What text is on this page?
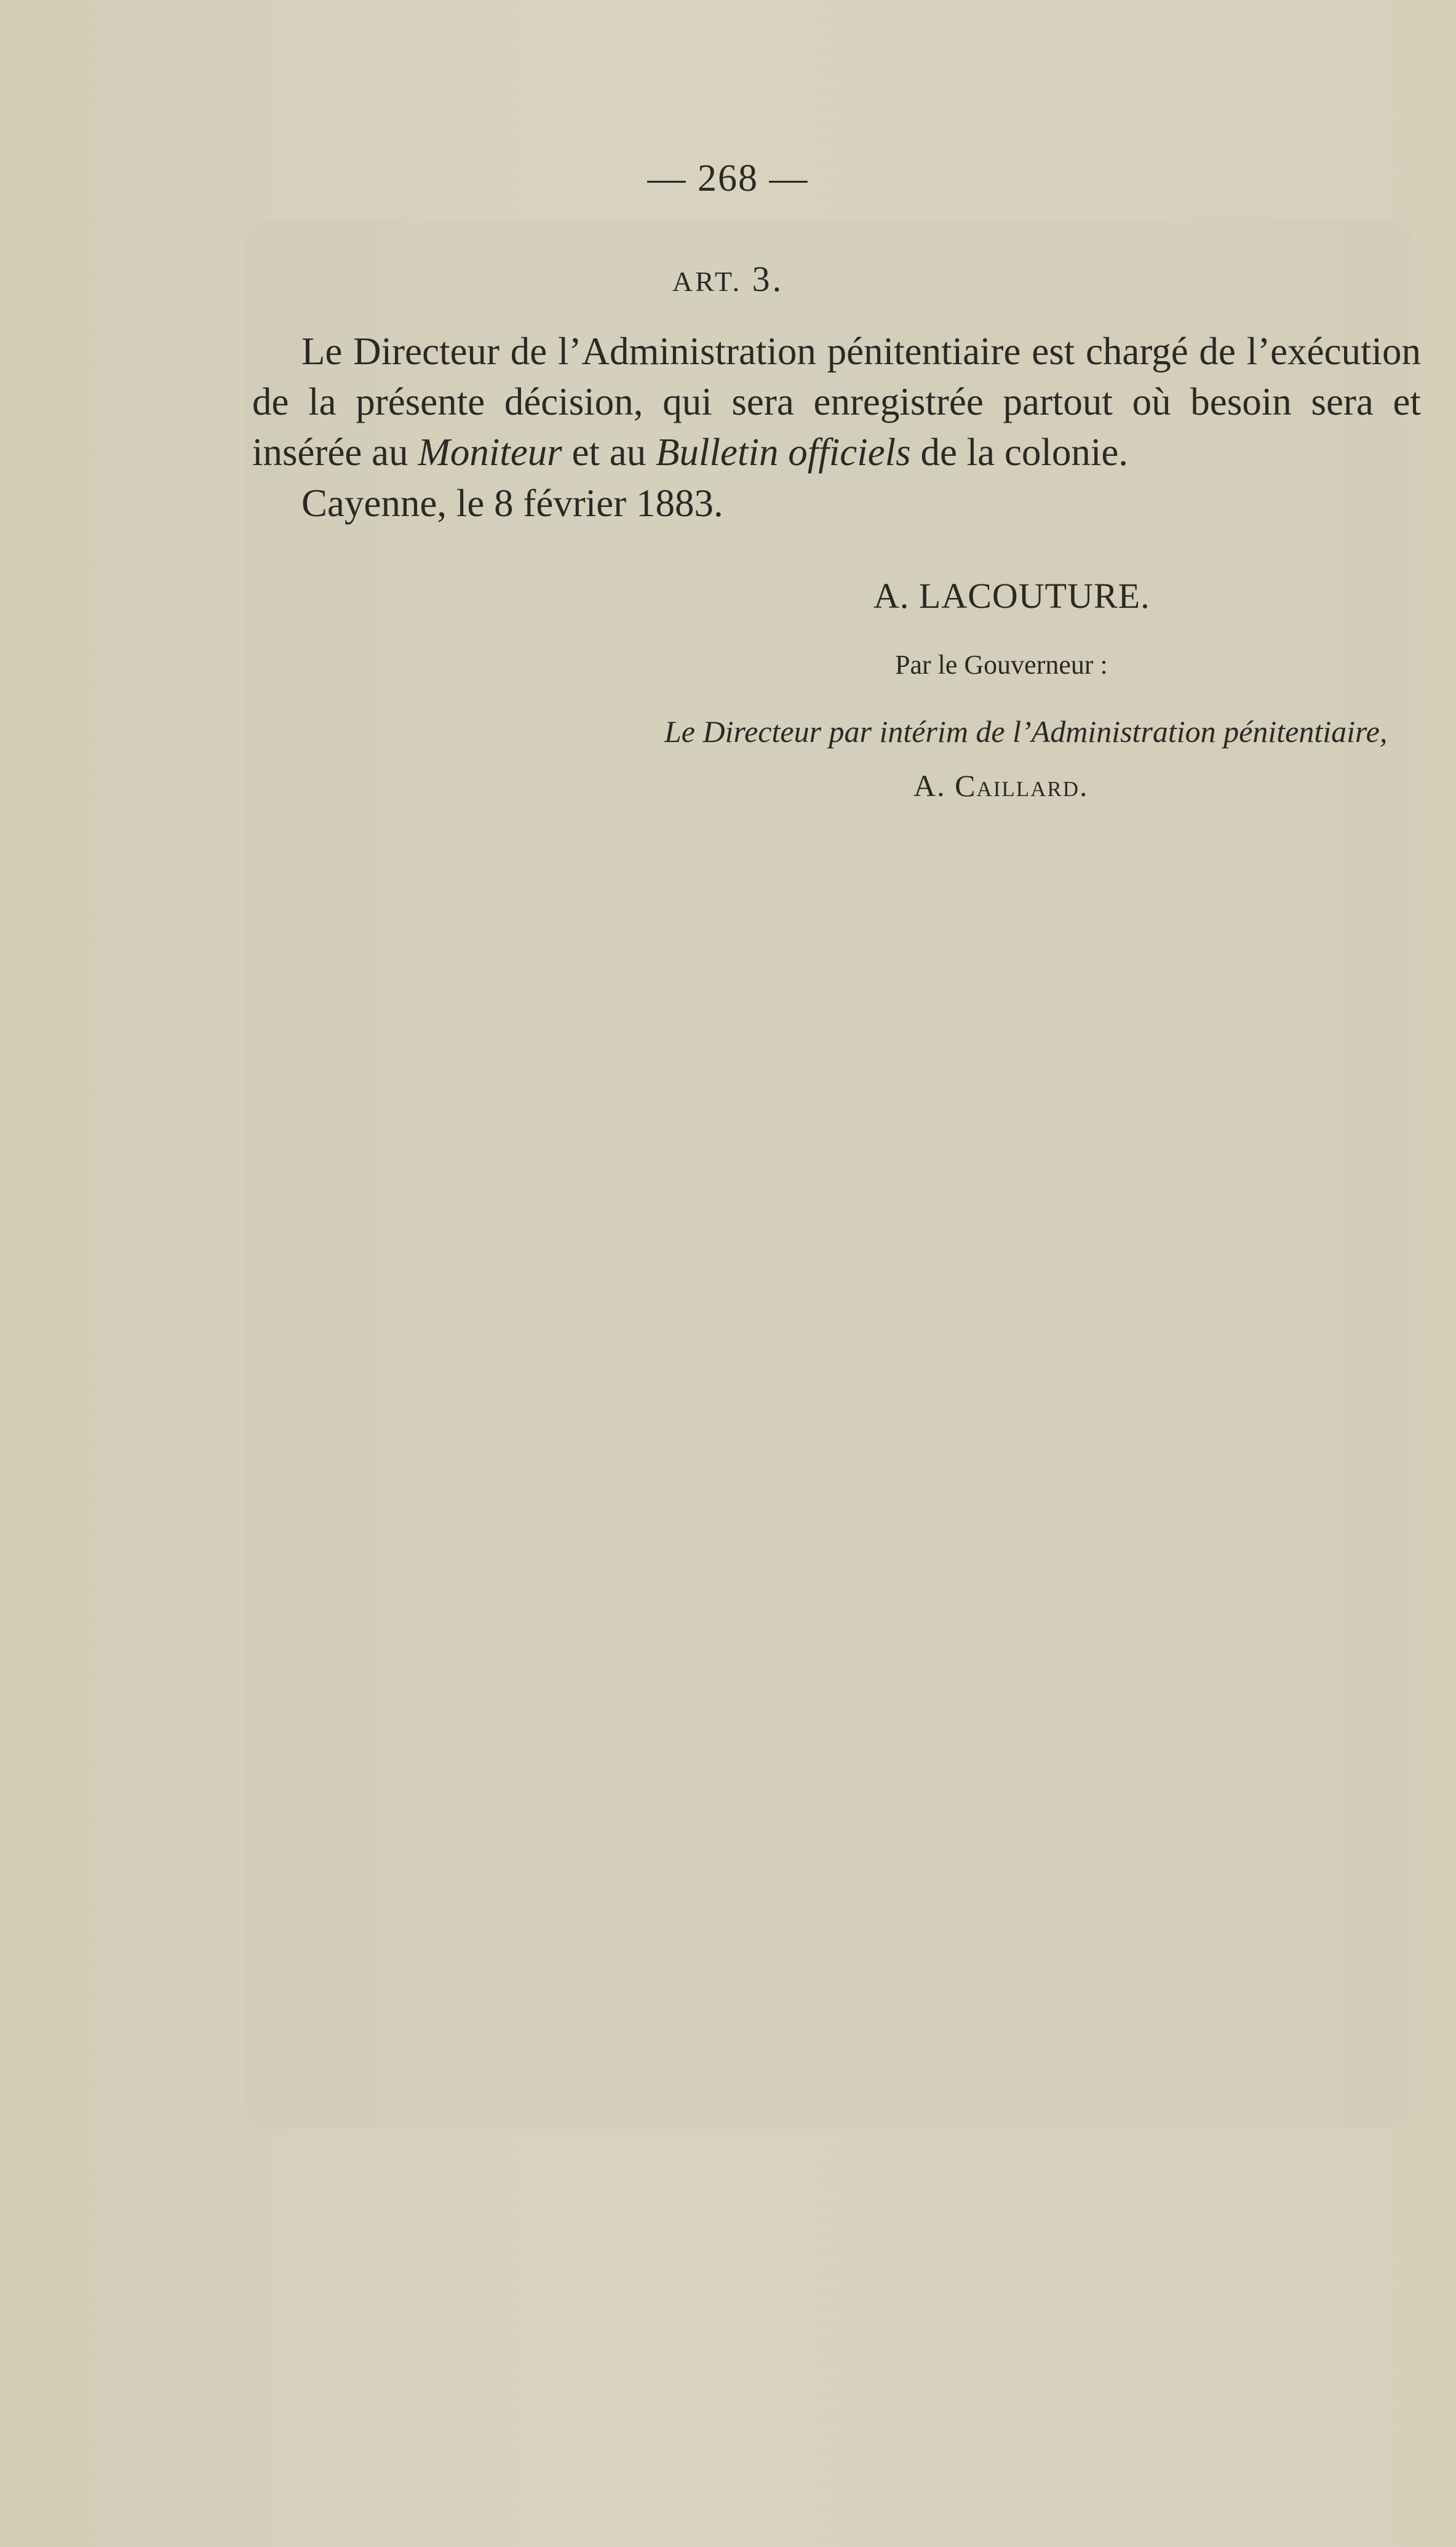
— 268 —
ART. 3.
Le Directeur de l’Administration pénitentiaire est chargé de l’exécution
de la présente décision, qui sera enregistrée partout où besoin sera et
insérée au Moniteur et au Bulletin officiels de la colonie.
Cayenne, le 8 février 1883.
A. LACOUTURE.
Par le Gouverneur :
Le Directeur par intérim de l’Administration pénitentiaire,
A. Caillard.
